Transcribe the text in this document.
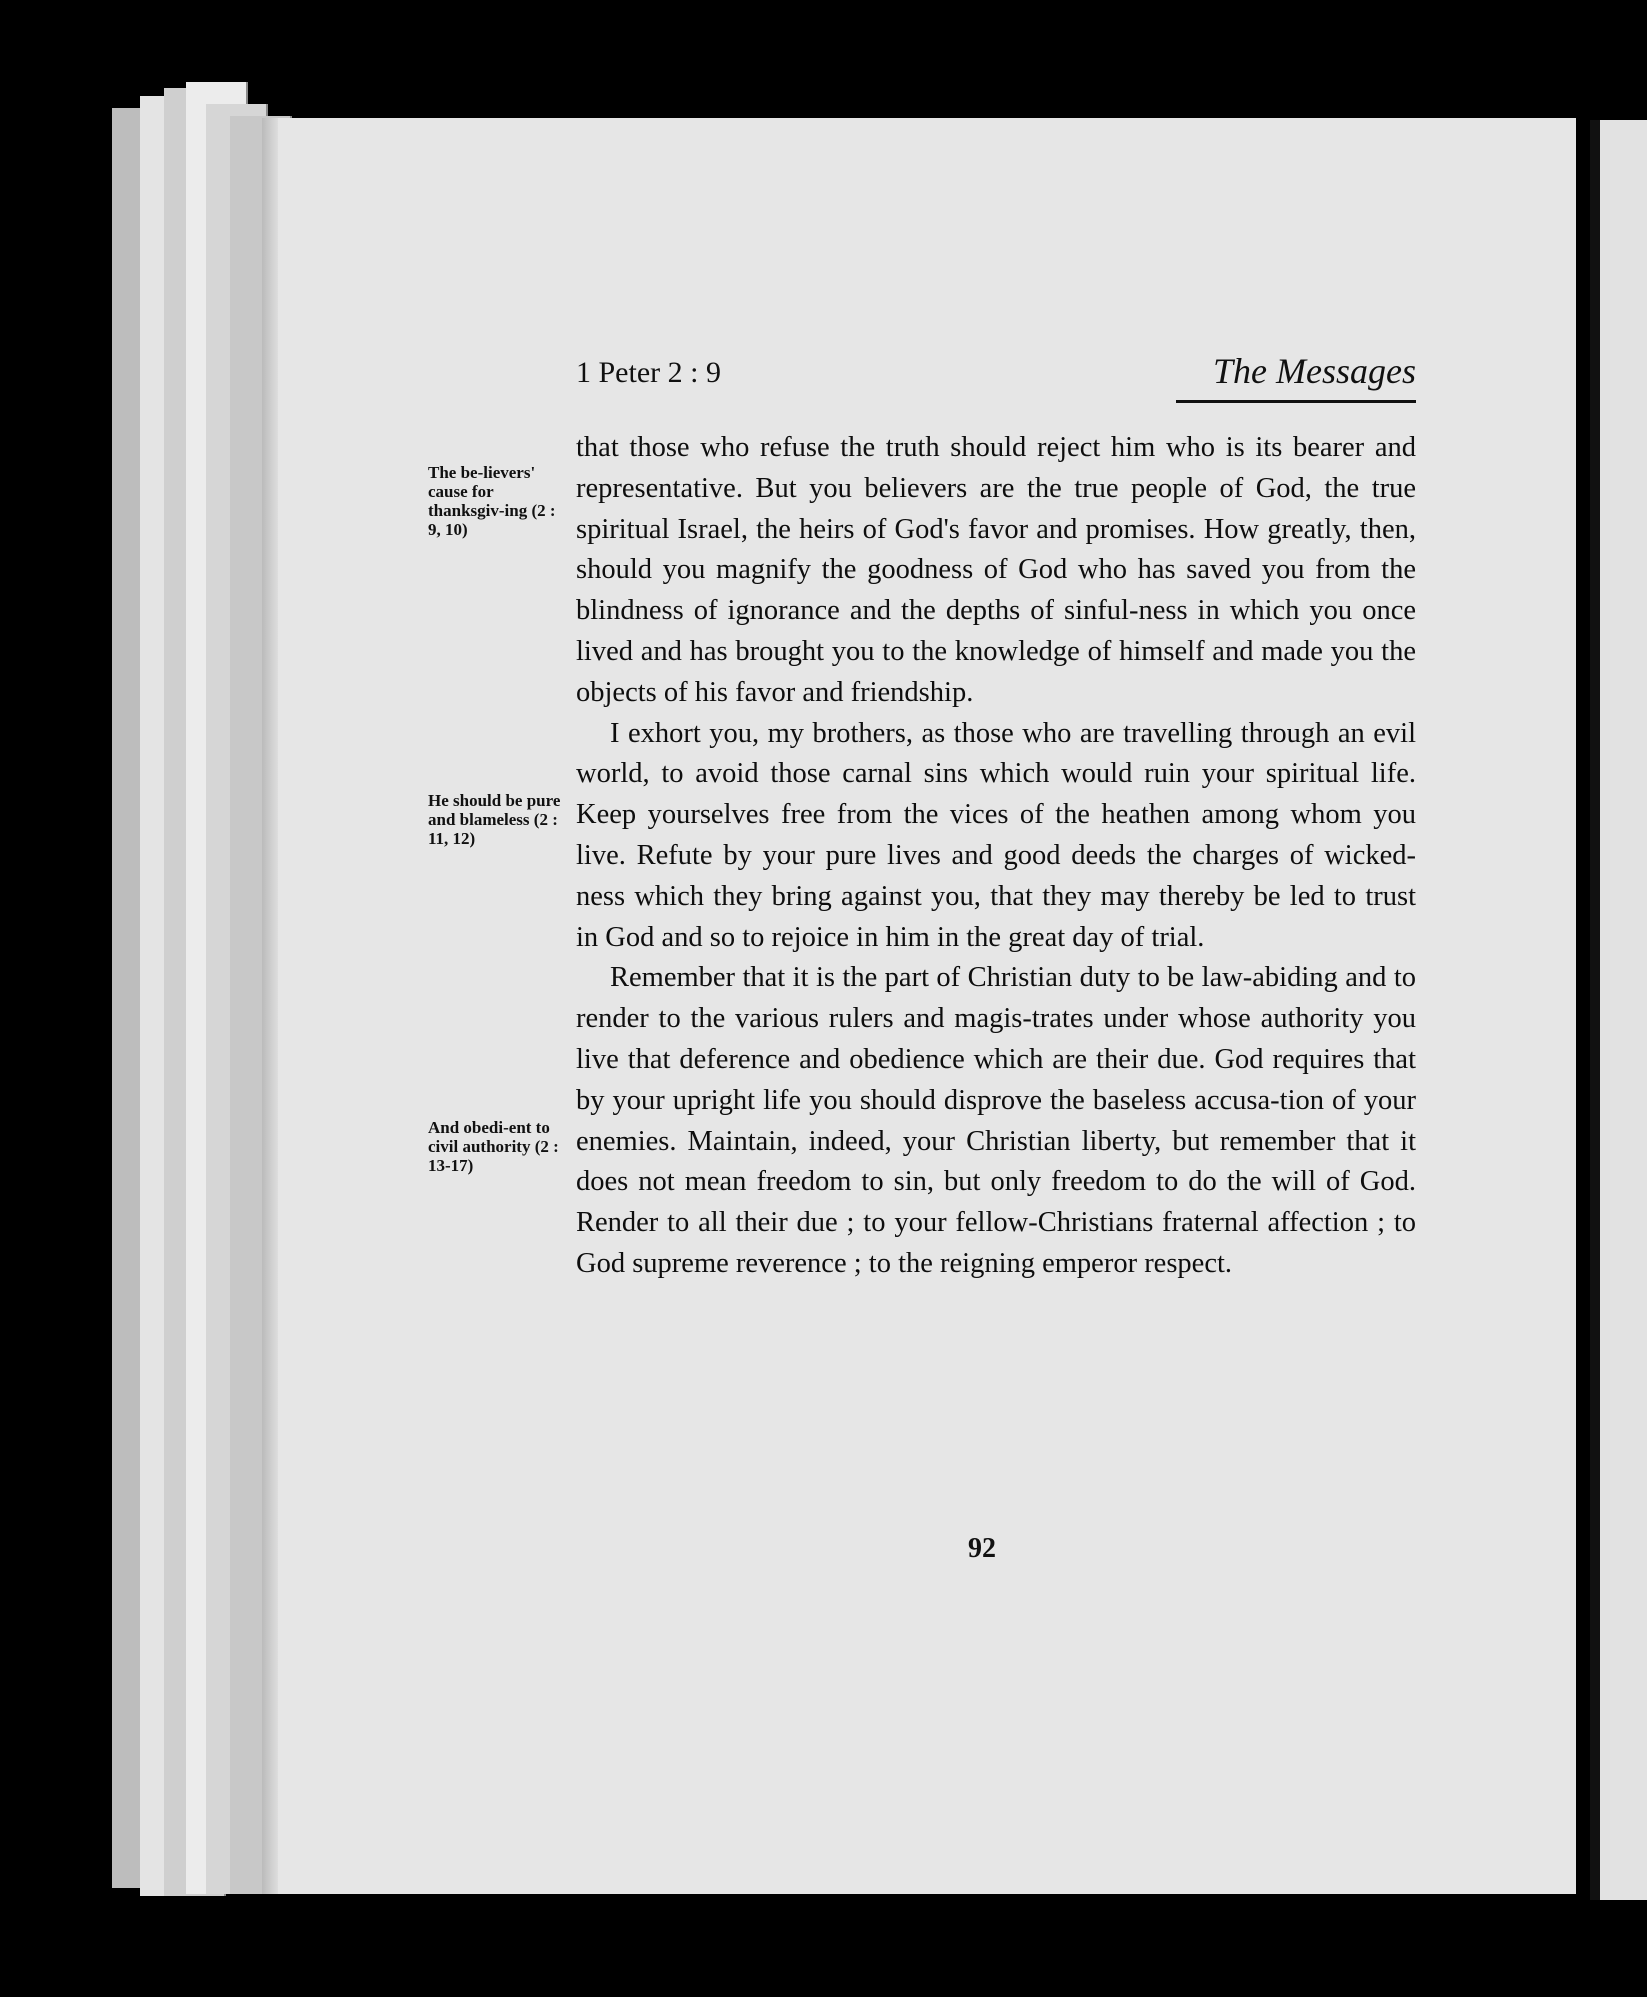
1 Peter 2 : 9	The Messages
The be-lievers' cause for thanksgiv-ing (2 : 9, 10)
He should be pure and blameless (2 : 11, 12)
And obedi-ent to civil authority (2 : 13-17)

that those who refuse the truth should reject him who is its bearer and representative. But you believers are the true people of God, the true spiritual Israel, the heirs of God's favor and promises. How greatly, then, should you magnify the goodness of God who has saved you from the blindness of ignorance and the depths of sinful-ness in which you once lived and has brought you to the knowledge of himself and made you the objects of his favor and friendship.

I exhort you, my brothers, as those who are travelling through an evil world, to avoid those carnal sins which would ruin your spiritual life. Keep yourselves free from the vices of the heathen among whom you live. Refute by your pure lives and good deeds the charges of wicked-ness which they bring against you, that they may thereby be led to trust in God and so to rejoice in him in the great day of trial.

Remember that it is the part of Christian duty to be law-abiding and to render to the various rulers and magis-trates under whose authority you live that deference and obedience which are their due. God requires that by your upright life you should disprove the baseless accusa-tion of your enemies. Maintain, indeed, your Christian liberty, but remember that it does not mean freedom to sin, but only freedom to do the will of God. Render to all their due ; to your fellow-Christians fraternal affection ; to God supreme reverence ; to the reigning emperor respect.

92
